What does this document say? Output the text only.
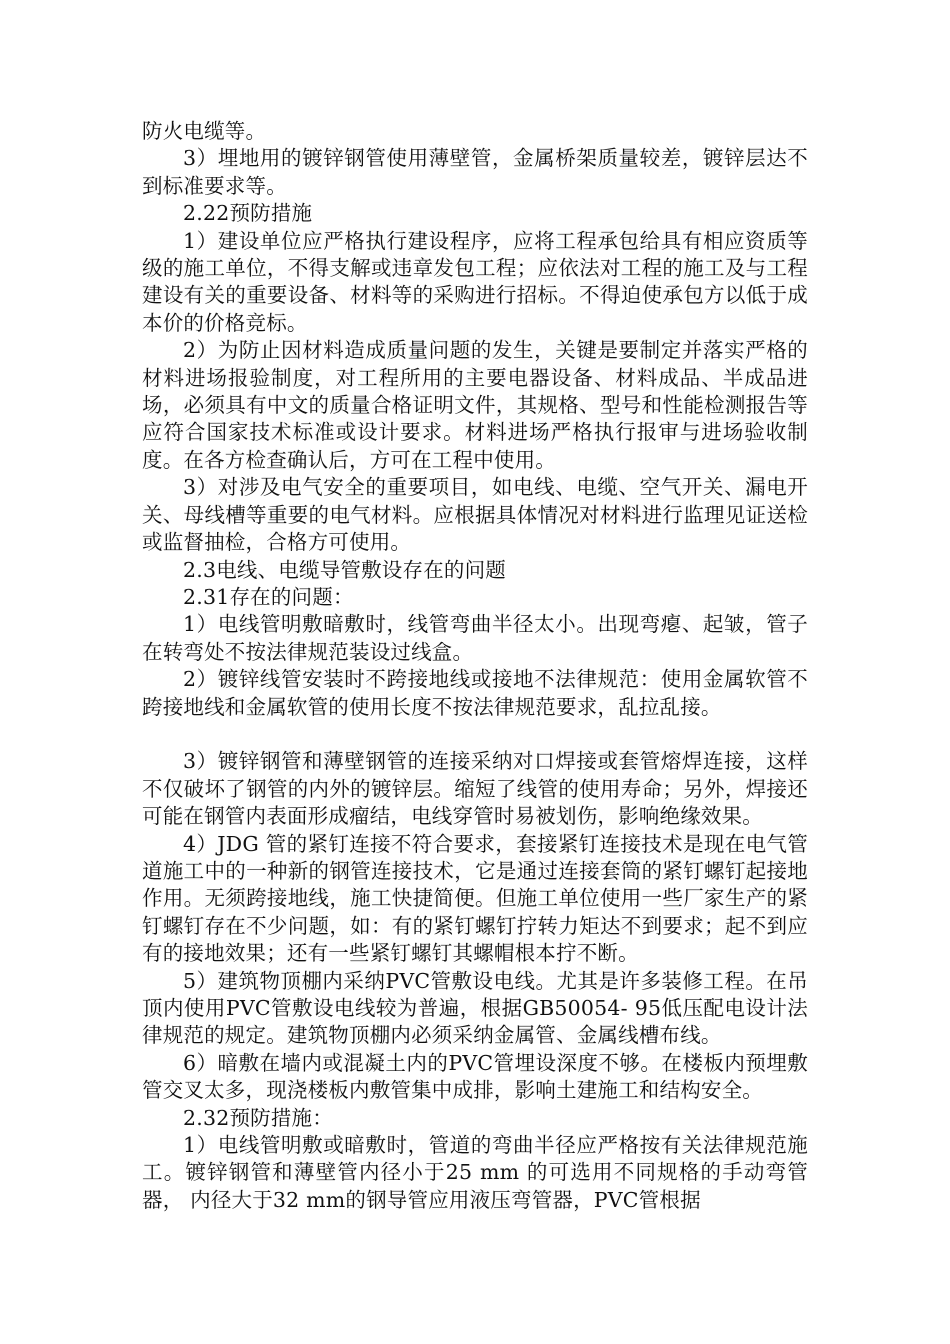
防火电缆等。

3）埋地用的镀锌钢管使用薄壁管，金属桥架质量较差，镀锌层达不到标准要求等。

2.22预防措施

1）建设单位应严格执行建设程序，应将工程承包给具有相应资质等级的施工单位，不得支解或违章发包工程；应依法对工程的施工及与工程建设有关的重要设备、材料等的采购进行招标。不得迫使承包方以低于成本价的价格竞标。

2）为防止因材料造成质量问题的发生，关键是要制定并落实严格的材料进场报验制度，对工程所用的主要电器设备、材料成品、半成品进场，必须具有中文的质量合格证明文件，其规格、型号和性能检测报告等应符合国家技术标准或设计要求。材料进场严格执行报审与进场验收制度。在各方检查确认后，方可在工程中使用。

3）对涉及电气安全的重要项目，如电线、电缆、空气开关、漏电开关、母线槽等重要的电气材料。应根据具体情况对材料进行监理见证送检或监督抽检，合格方可使用。

2.3电线、电缆导管敷设存在的问题

2.31存在的问题：

1）电线管明敷暗敷时，线管弯曲半径太小。出现弯瘪、起皱，管子在转弯处不按法律规范装设过线盒。

2）镀锌线管安装时不跨接地线或接地不法律规范：使用金属软管不跨接地线和金属软管的使用长度不按法律规范要求，乱拉乱接。

3）镀锌钢管和薄壁钢管的连接采纳对口焊接或套管熔焊连接，这样不仅破坏了钢管的内外的镀锌层。缩短了线管的使用寿命；另外，焊接还可能在钢管内表面形成瘤结，电线穿管时易被划伤，影响绝缘效果。

4）JDG 管的紧钉连接不符合要求，套接紧钉连接技术是现在电气管道施工中的一种新的钢管连接技术，它是通过连接套筒的紧钉螺钉起接地作用。无须跨接地线，施工快捷简便。但施工单位使用一些厂家生产的紧钉螺钉存在不少问题，如：有的紧钉螺钉拧转力矩达不到要求；起不到应有的接地效果；还有一些紧钉螺钉其螺帽根本拧不断。

5）建筑物顶棚内采纳PVC管敷设电线。尤其是许多装修工程。在吊顶内使用PVC管敷设电线较为普遍，根据GB50054- 95低压配电设计法律规范的规定。建筑物顶棚内必须采纳金属管、金属线槽布线。

6）暗敷在墙内或混凝土内的PVC管埋设深度不够。在楼板内预埋敷管交叉太多，现浇楼板内敷管集中成排，影响土建施工和结构安全。

2.32预防措施：

1）电线管明敷或暗敷时，管道的弯曲半径应严格按有关法律规范施工。镀锌钢管和薄壁管内径小于25 mm 的可选用不同规格的手动弯管器， 内径大于32 mm的钢导管应用液压弯管器，PVC管根据
